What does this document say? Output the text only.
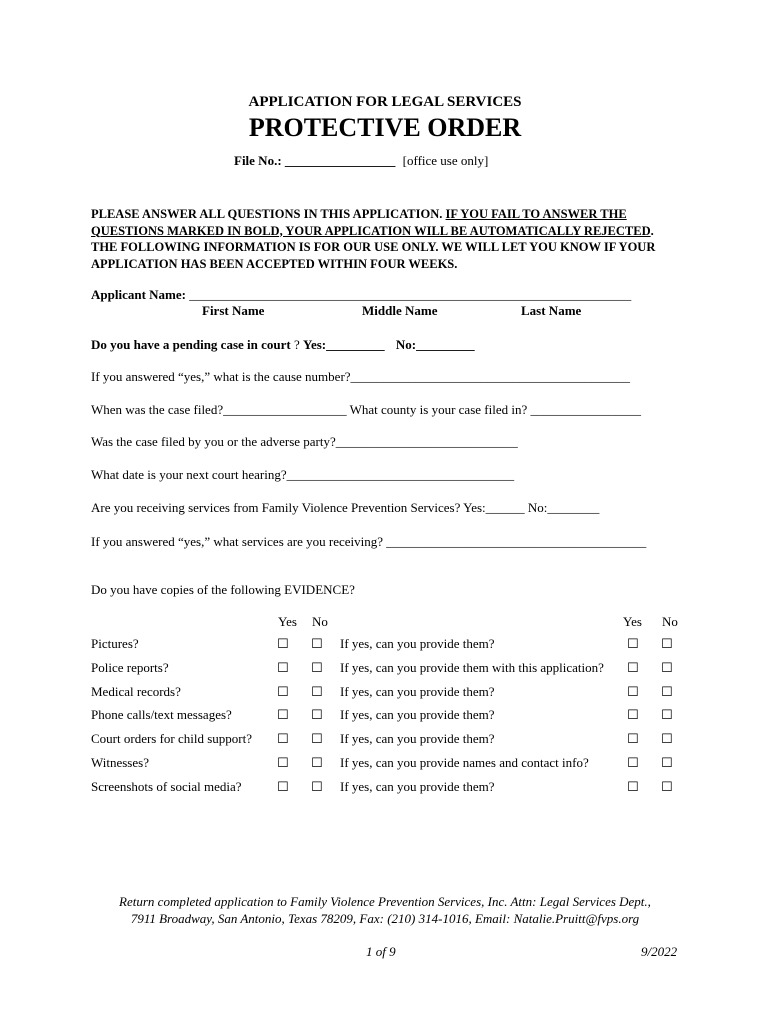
APPLICATION FOR LEGAL SERVICES
PROTECTIVE ORDER
File No.: _________________ [office use only]
PLEASE ANSWER ALL QUESTIONS IN THIS APPLICATION. IF YOU FAIL TO ANSWER THE QUESTIONS MARKED IN BOLD, YOUR APPLICATION WILL BE AUTOMATICALLY REJECTED. THE FOLLOWING INFORMATION IS FOR OUR USE ONLY. WE WILL LET YOU KNOW IF YOUR APPLICATION HAS BEEN ACCEPTED WITHIN FOUR WEEKS.
Applicant Name: ____________________________________________________________________
First Name	Middle Name	Last Name
Do you have a pending case in court ? Yes:_________ No:_________
If you answered “yes,” what is the cause number?___________________________________________
When was the case filed?___________________ What county is your case filed in? _________________
Was the case filed by you or the adverse party?____________________________
What date is your next court hearing?___________________________________
Are you receiving services from Family Violence Prevention Services? Yes:______ No:________
If you answered “yes,” what services are you receiving? ________________________________________
Do you have copies of the following EVIDENCE?
Yes No	Yes No
Pictures?	☐ ☐ If yes, can you provide them?	☐ ☐
Police reports?	☐ ☐ If yes, can you provide them with this application? ☐ ☐
Medical records?	☐ ☐ If yes, can you provide them?	☐ ☐
Phone calls/text messages?	☐ ☐ If yes, can you provide them?	☐ ☐
Court orders for child support? ☐ ☐ If yes, can you provide them?	☐ ☐
Witnesses?	☐ ☐ If yes, can you provide names and contact info?	☐ ☐
Screenshots of social media?	☐ ☐ If yes, can you provide them?	☐ ☐
Return completed application to Family Violence Prevention Services, Inc. Attn: Legal Services Dept.,
7911 Broadway, San Antonio, Texas 78209, Fax: (210) 314-1016, Email: Natalie.Pruitt@fvps.org
1 of 9	9/2022
